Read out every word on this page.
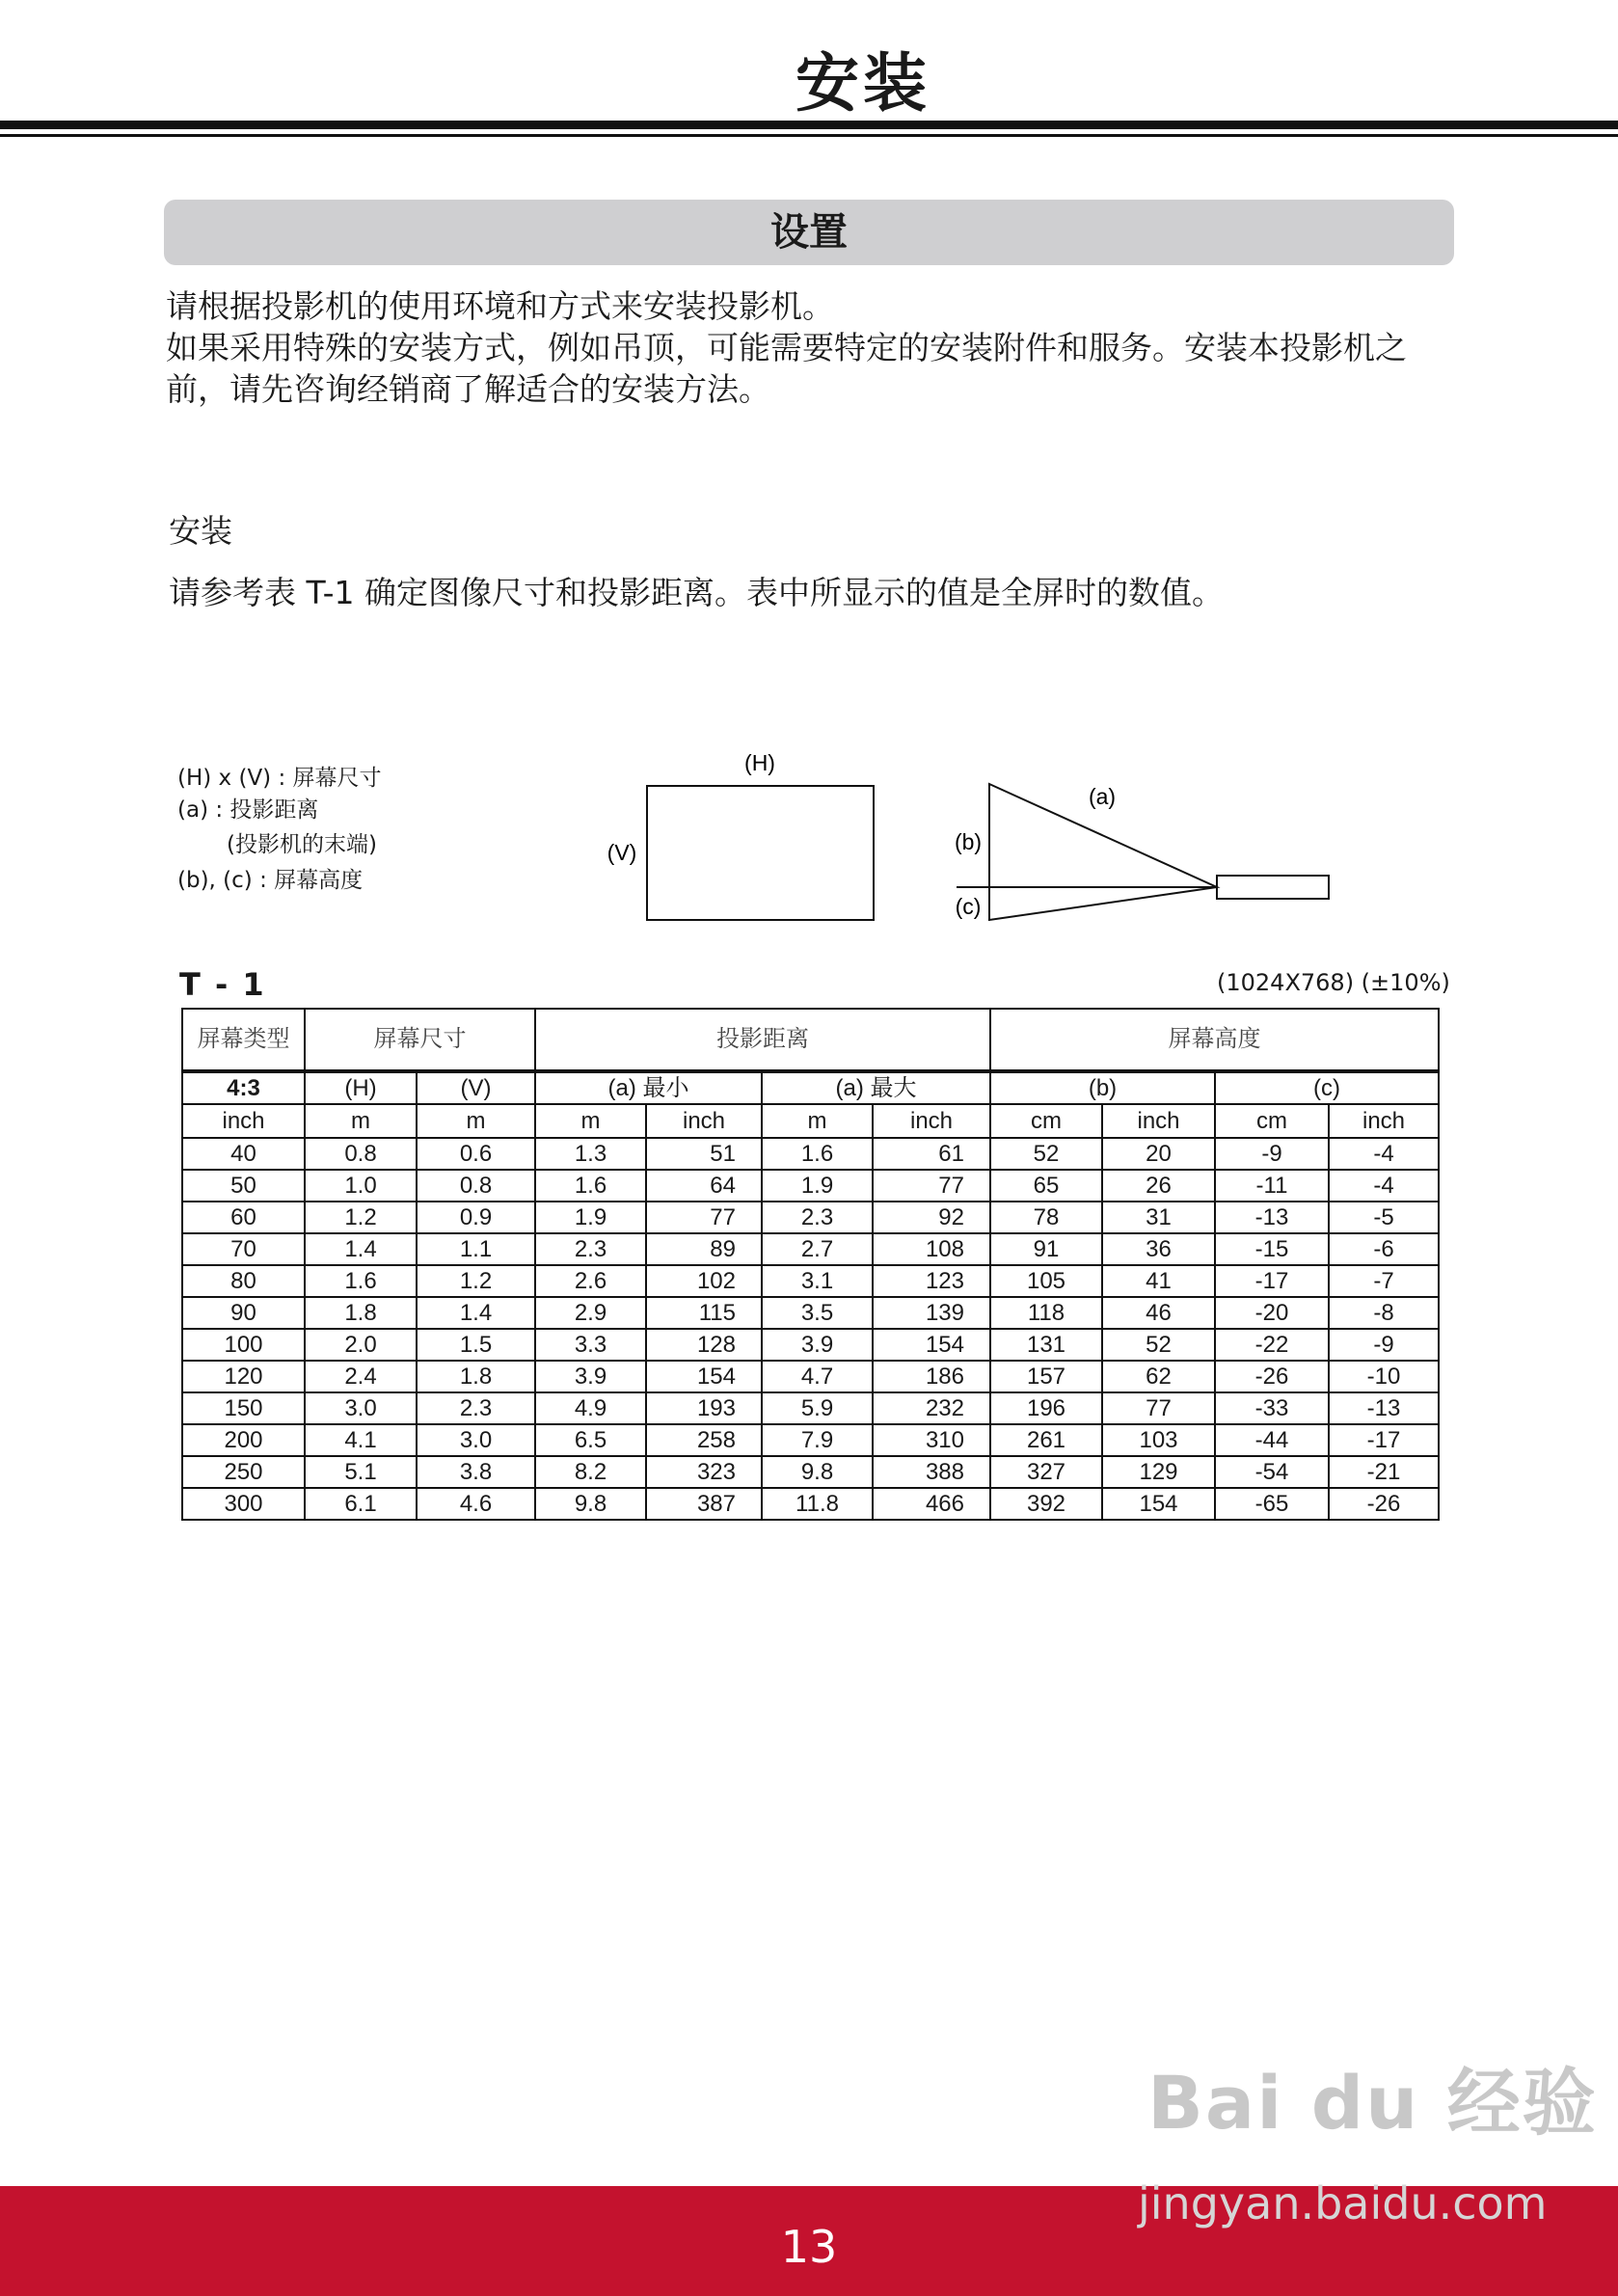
安装
设置
请根据投影机的使用环境和方式来安装投影机。
如果采用特殊的安装方式，例如吊顶，可能需要特定的安装附件和服务。安装本投影机之前，请先咨询经销商了解适合的安装方法。
安装
请参考表 T-1 确定图像尺寸和投影距离。表中所显示的值是全屏时的数值。
(H) x (V) : 屏幕尺寸
(a) : 投影距离
(投影机的末端)
(b), (c) : 屏幕高度
(H)
(V)
(a)
(b)
(c)
T - 1	(1024X768) (±10%)
屏幕类型	屏幕尺寸		投影距离				屏幕高度			
4:3	(H)	(V)	(a) 最小		(a) 最大		(b)		(c)	
inch	m	m	m	inch	m	inch	cm	inch	cm	inch
40	0.8	0.6	1.3	51	1.6	61	52	20	-9	-4
50	1.0	0.8	1.6	64	1.9	77	65	26	-11	-4
60	1.2	0.9	1.9	77	2.3	92	78	31	-13	-5
70	1.4	1.1	2.3	89	2.7	108	91	36	-15	-6
80	1.6	1.2	2.6	102	3.1	123	105	41	-17	-7
90	1.8	1.4	2.9	115	3.5	139	118	46	-20	-8
100	2.0	1.5	3.3	128	3.9	154	131	52	-22	-9
120	2.4	1.8	3.9	154	4.7	186	157	62	-26	-10
150	3.0	2.3	4.9	193	5.9	232	196	77	-33	-13
200	4.1	3.0	6.5	258	7.9	310	261	103	-44	-17
250	5.1	3.8	8.2	323	9.8	388	327	129	-54	-21
300	6.1	4.6	9.8	387	11.8	466	392	154	-65	-26
13
Bai du 经验
jingyan.baidu.com
